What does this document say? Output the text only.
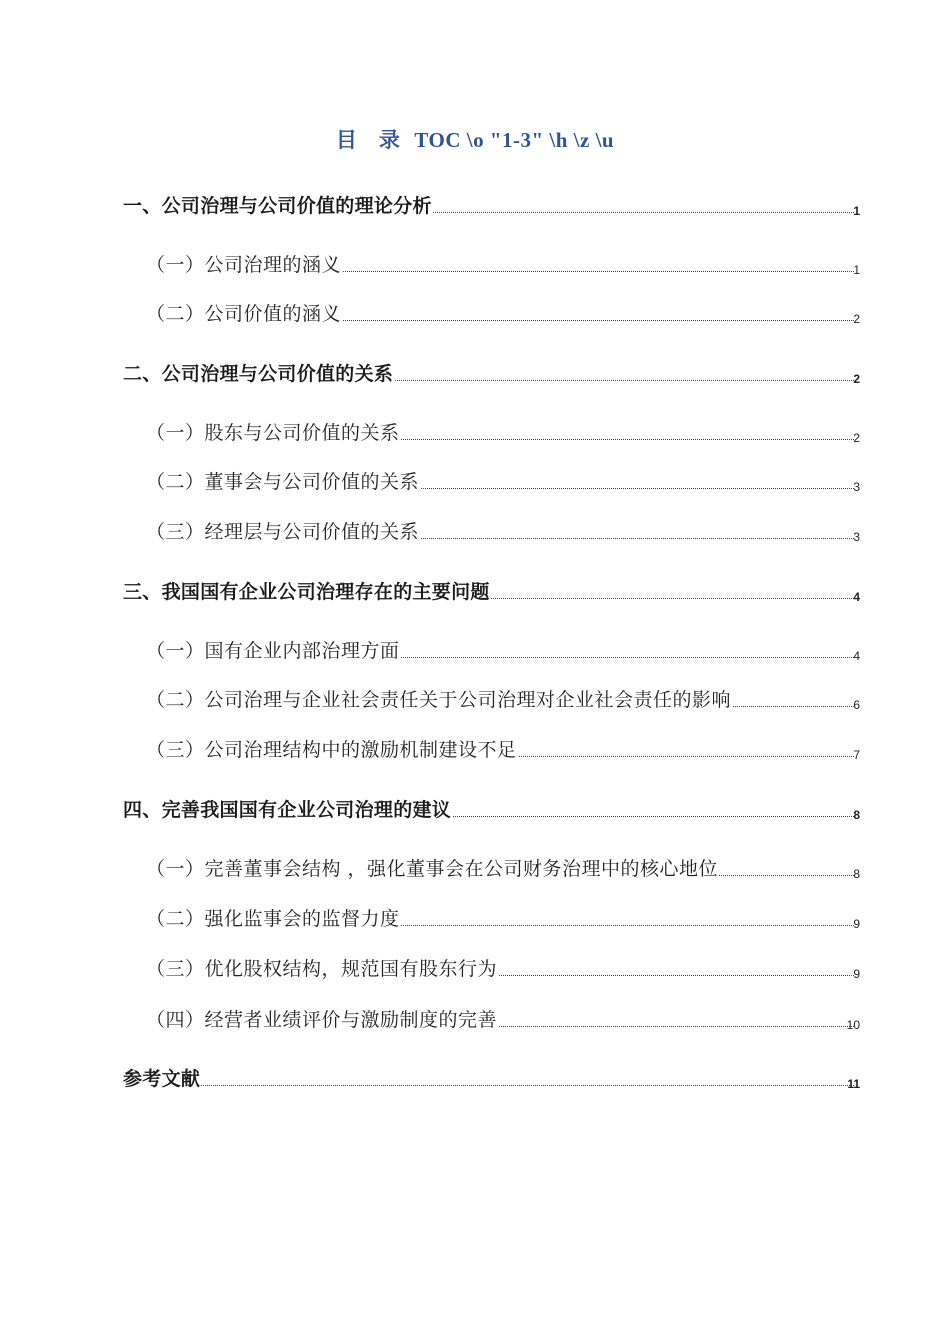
目　录 TOC \o "1-3" \h \z \u
一、公司治理与公司价值的理论分析	1
（一）公司治理的涵义	1
（二）公司价值的涵义	2
二、公司治理与公司价值的关系	2
（一）股东与公司价值的关系	2
（二）董事会与公司价值的关系	3
（三）经理层与公司价值的关系	3
三、我国国有企业公司治理存在的主要问题	4
（一）国有企业内部治理方面	4
（二）公司治理与企业社会责任关于公司治理对企业社会责任的影响	6
（三）公司治理结构中的激励机制建设不足	7
四、完善我国国有企业公司治理的建议	8
（一）完善董事会结构 ，强化董事会在公司财务治理中的核心地位	8
（二）强化监事会的监督力度	9
（三）优化股权结构，规范国有股东行为	9
（四）经营者业绩评价与激励制度的完善	10
参考文献	11
